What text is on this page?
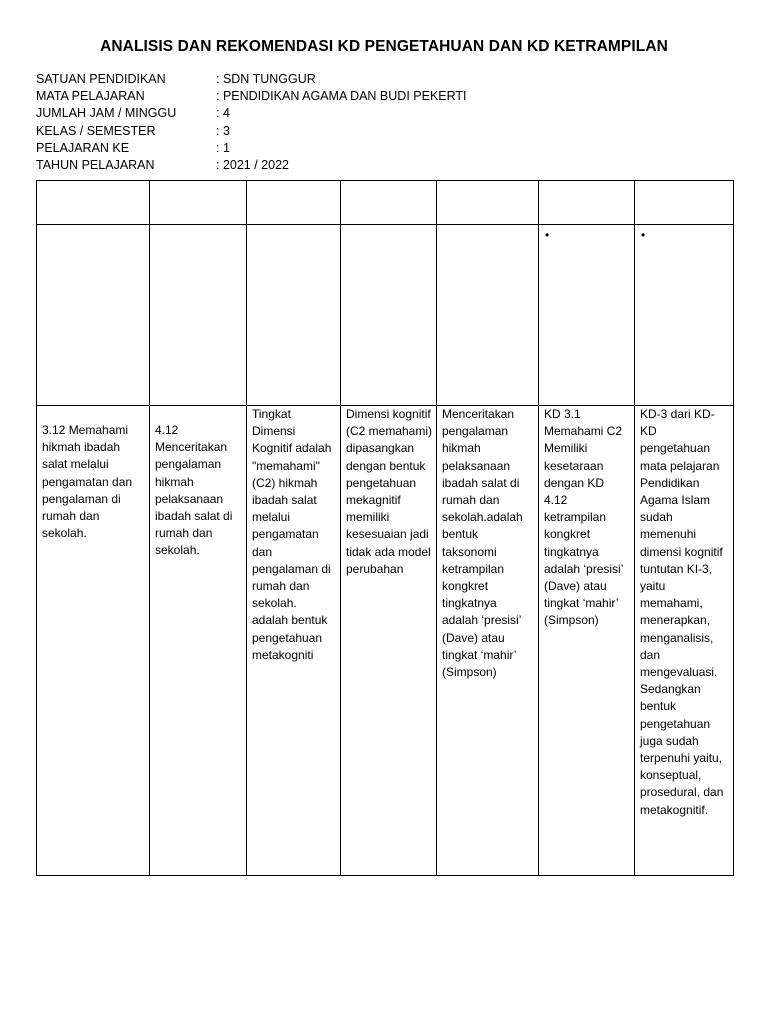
ANALISIS DAN REKOMENDASI KD PENGETAHUAN DAN KD KETRAMPILAN
SATUAN PENDIDIKAN	: SDN TUNGGUR
MATA PELAJARAN	: PENDIDIKAN AGAMA DAN BUDI PEKERTI
JUMLAH JAM / MINGGU	: 4
KELAS / SEMESTER	: 3
PELAJARAN KE	: 1
TAHUN PELAJARAN	: 2021 / 2022

					•	•

3.12 Memahami hikmah ibadah salat melalui pengamatan dan pengalaman di rumah dan sekolah.	4.12 Menceritakan pengalaman hikmah pelaksanaan ibadah salat di rumah dan sekolah.	Tingkat Dimensi Kognitif adalah "memahami" (C2) hikmah ibadah salat melalui pengamatan dan pengalaman di rumah dan sekolah. adalah bentuk pengetahuan metakogniti	Dimensi kognitif (C2 memahami) dipasangkan dengan bentuk pengetahuan mekagnitif memiliki kesesuaian jadi tidak ada model perubahan	Menceritakan pengalaman hikmah pelaksanaan ibadah salat di rumah dan sekolah.adalah bentuk taksonomi ketrampilan kongkret tingkatnya adalah ‘presisi’ (Dave) atau tingkat ‘mahir’ (Simpson)	KD 3.1 Memahami C2 Memiliki kesetaraan dengan KD 4.12 ketrampilan kongkret tingkatnya adalah ‘presisi’ (Dave) atau tingkat ‘mahir’ (Simpson)	KD-3 dari KD-KD pengetahuan mata pelajaran Pendidikan Agama Islam sudah memenuhi dimensi kognitif tuntutan KI-3, yaitu memahami, menerapkan, menganalisis, dan mengevaluasi. Sedangkan bentuk pengetahuan juga sudah terpenuhi yaitu, konseptual, prosedural, dan metakognitif.
